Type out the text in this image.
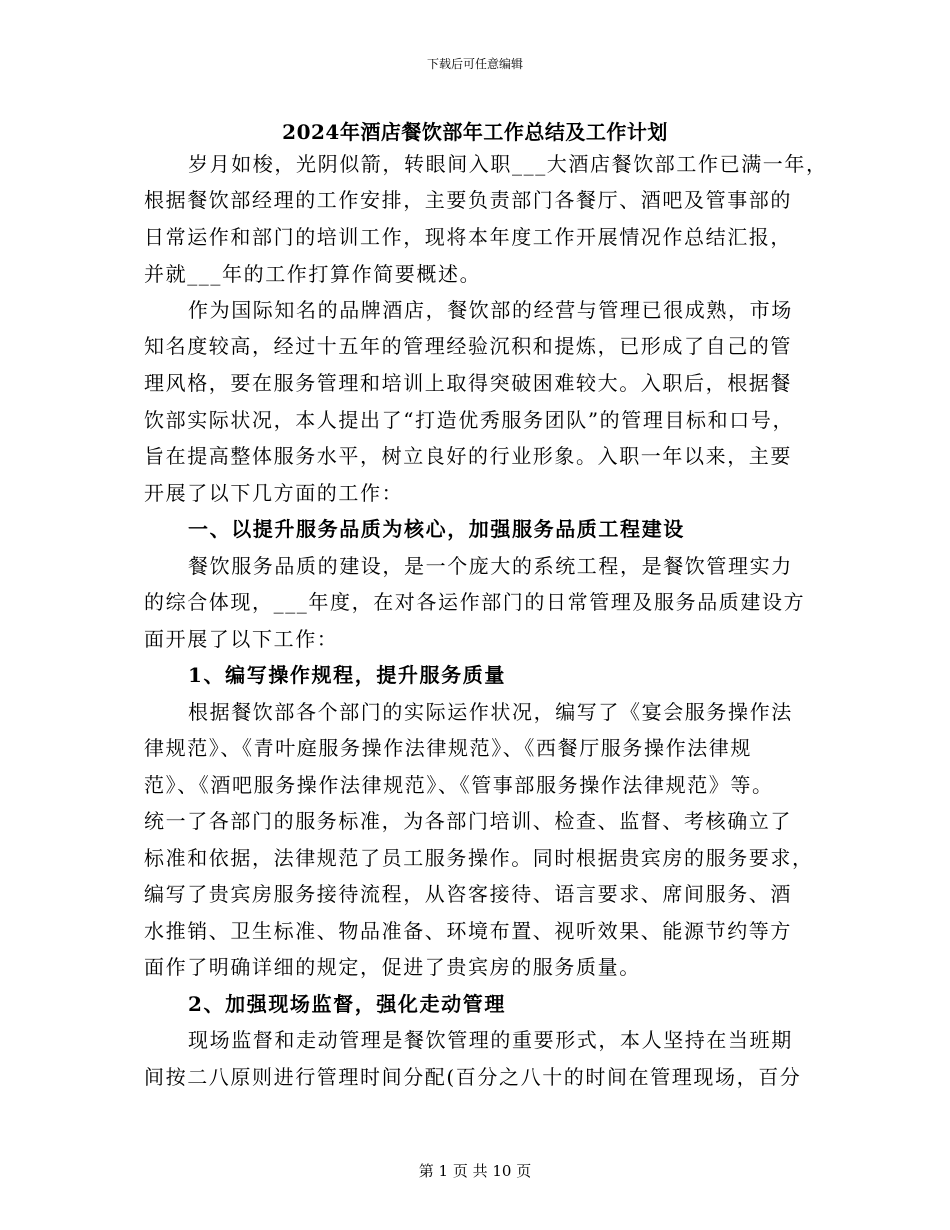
下载后可任意编辑
2024年酒店餐饮部年工作总结及工作计划
岁月如梭，光阴似箭，转眼间入职___大酒店餐饮部工作已满一年，
根据餐饮部经理的工作安排，主要负责部门各餐厅、酒吧及管事部的
日常运作和部门的培训工作，现将本年度工作开展情况作总结汇报，
并就___年的工作打算作简要概述。
作为国际知名的品牌酒店，餐饮部的经营与管理已很成熟，市场
知名度较高，经过十五年的管理经验沉积和提炼，已形成了自己的管
理风格，要在服务管理和培训上取得突破困难较大。入职后，根据餐
饮部实际状况，本人提出了“打造优秀服务团队”的管理目标和口号，
旨在提高整体服务水平，树立良好的行业形象。入职一年以来，主要
开展了以下几方面的工作：
一、以提升服务品质为核心，加强服务品质工程建设
餐饮服务品质的建设，是一个庞大的系统工程，是餐饮管理实力
的综合体现，___年度，在对各运作部门的日常管理及服务品质建设方
面开展了以下工作：
1、编写操作规程，提升服务质量
根据餐饮部各个部门的实际运作状况，编写了《宴会服务操作法
律规范》、《青叶庭服务操作法律规范》、《西餐厅服务操作法律规
范》、《酒吧服务操作法律规范》、《管事部服务操作法律规范》等。
统一了各部门的服务标准，为各部门培训、检查、监督、考核确立了
标准和依据，法律规范了员工服务操作。同时根据贵宾房的服务要求，
编写了贵宾房服务接待流程，从咨客接待、语言要求、席间服务、酒
水推销、卫生标准、物品准备、环境布置、视听效果、能源节约等方
面作了明确详细的规定，促进了贵宾房的服务质量。
2、加强现场监督，强化走动管理
现场监督和走动管理是餐饮管理的重要形式，本人坚持在当班期
间按二八原则进行管理时间分配(百分之八十的时间在管理现场，百分
第 1 页 共 10 页
